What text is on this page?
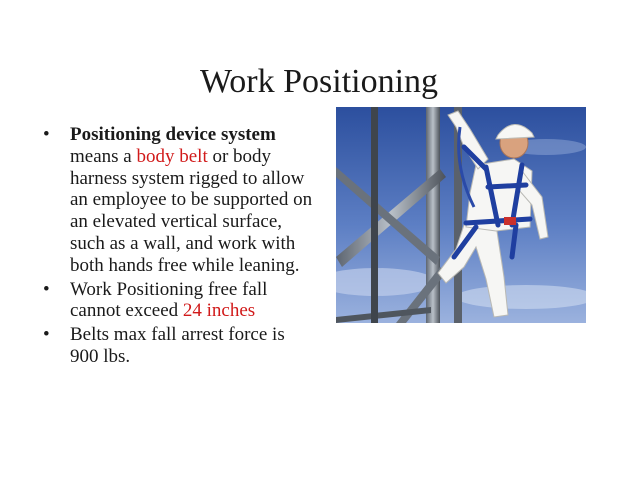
Work Positioning
• Positioning device system means a body belt or body harness system rigged to allow an employee to be supported on an elevated vertical surface, such as a wall, and work with both hands free while leaning.
• Work Positioning free fall cannot exceed 24 inches
• Belts max fall arrest force is 900 lbs.
